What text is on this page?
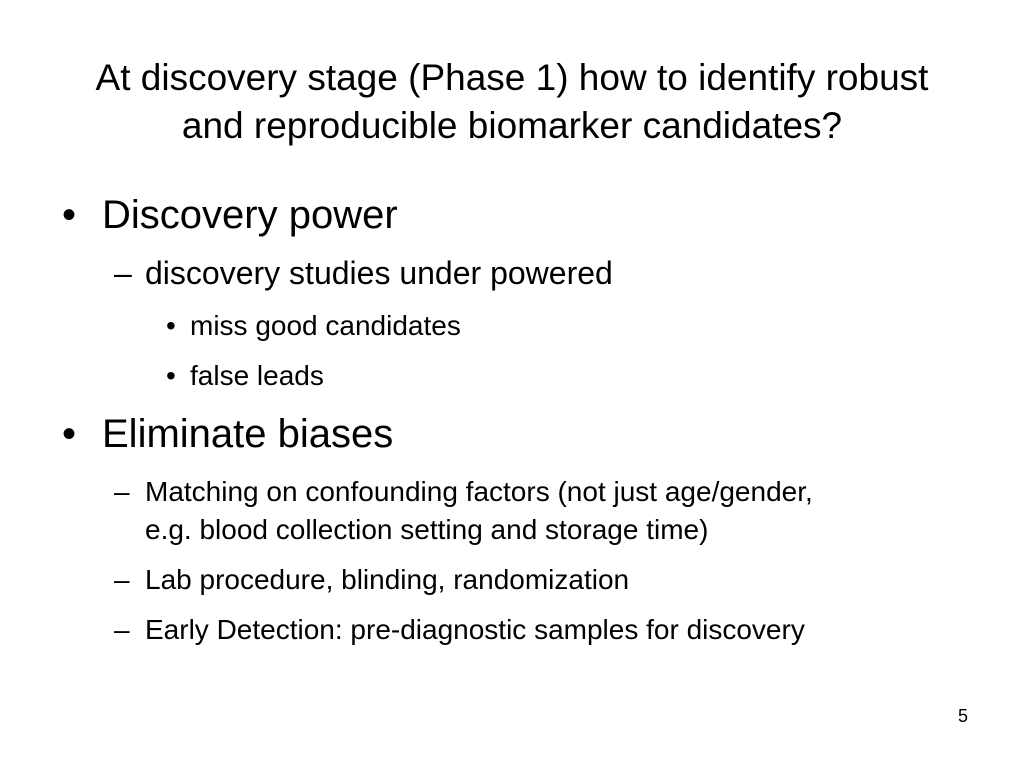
At discovery stage (Phase 1) how to identify robust
and reproducible biomarker candidates?
• Discovery power
– discovery studies under powered
• miss good candidates
• false leads
• Eliminate biases
– Matching on confounding factors (not just age/gender,
e.g. blood collection setting and storage time)
– Lab procedure, blinding, randomization
– Early Detection: pre-diagnostic samples for discovery
5
